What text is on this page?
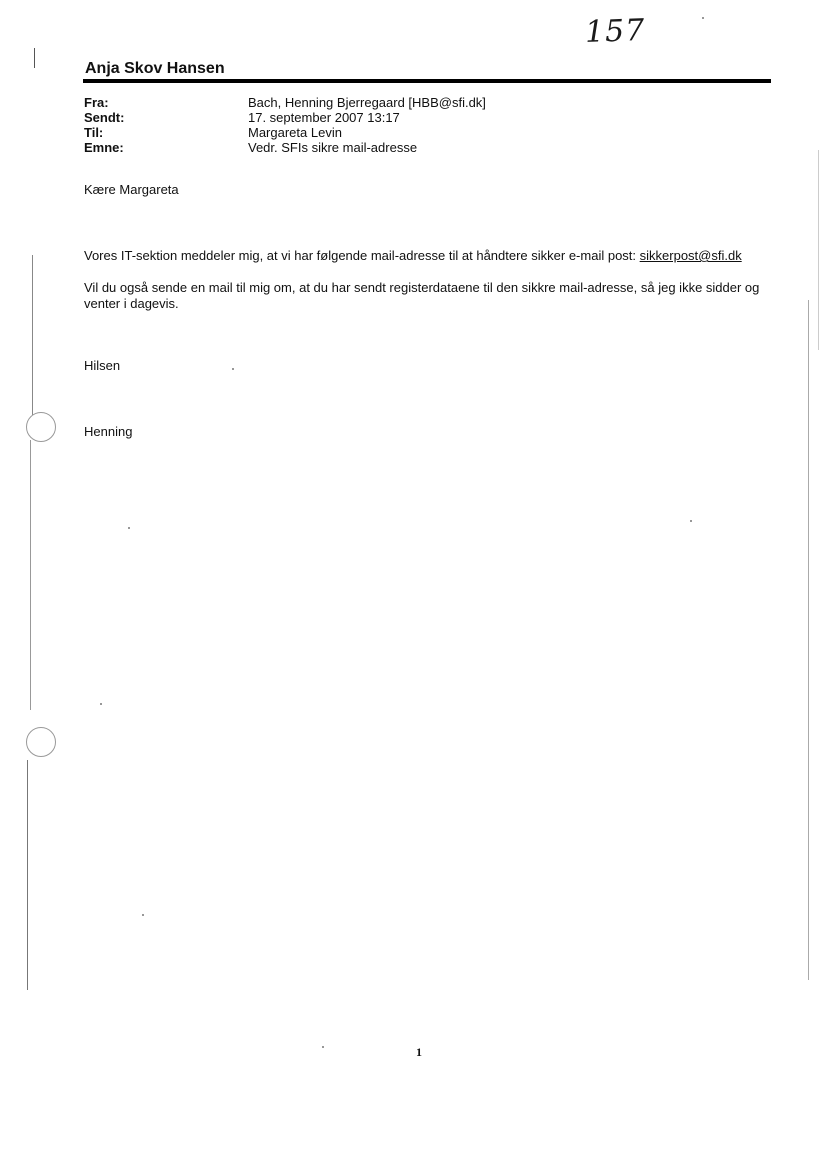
157
Anja Skov Hansen
Fra:	Bach, Henning Bjerregaard [HBB@sfi.dk]
Sendt:	17. september 2007 13:17
Til:	Margareta Levin
Emne:	Vedr. SFIs sikre mail-adresse
Kære Margareta
Vores IT-sektion meddeler mig, at vi har følgende mail-adresse til at håndtere sikker e-mail post: sikkerpost@sfi.dk
Vil du også sende en mail til mig om, at du har sendt registerdataene til den sikkre mail-adresse, så jeg ikke sidder og venter i dagevis.
Hilsen
Henning
1
